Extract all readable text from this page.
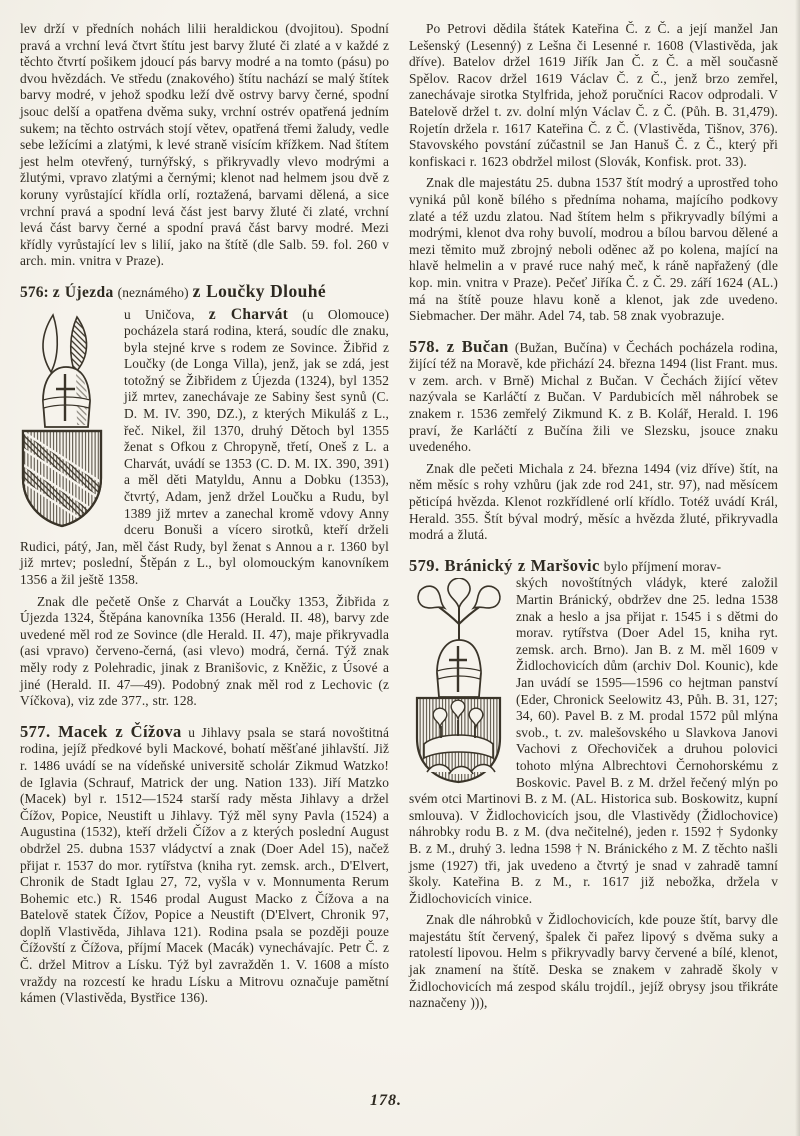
lev drží v předních nohách lilii heraldickou (dvojitou). Spodní pravá a vrchní levá čtvrt štítu jest barvy žluté či zlaté a v každé z těchto čtvrtí pošikem jdoucí pás barvy modré a na tomto (pásu) po dvou hvězdách. Ve středu (znakového) štítu nachází se malý štítek barvy modré, v jehož spodku leží dvě ostrvy barvy černé, spodní jsouc delší a opatřena dvěma suky, vrchní ostrév opatřená jedním sukem; na těchto ostrvách stojí větev, opatřená třemi žaludy, vedle sebe ležícími a zlatými, k levé straně visícím křížkem. Nad štítem jest helm otevřený, turnýřský, s přikryvadly vlevo modrými a žlutými, vpravo zlatými a černými; klenot nad helmem jsou dvě z koruny vyrůstající křídla orlí, roztažená, barvami dělená, a sice vrchní pravá a spodní levá část jest barvy žluté či zlaté, vrchní levá část barvy černé a spodní pravá část barvy modré. Mezi křídly vyrůstající lev s lilií, jako na štítě (dle Salb. 59. fol. 260 v arch. min. vnitra v Praze).

576: z Újezda (neznámého) z Loučky Dlouhé

u Uničova, z Charvát (u Olomouce) pocházela stará rodina, která, soudíc dle znaku, byla stejné krve s rodem ze Sovince. Žibřid z Loučky (de Longa Villa), jenž, jak se zdá, jest totožný se Žibřidem z Újezda (1324), byl 1352 již mrtev, zanechávaje ze Sabiny šest synů (C. D. M. IV. 390, DZ.), z kterých Mikuláš z L., řeč. Nikel, žil 1370, druhý Dětoch byl 1355 ženat s Ofkou z Chropyně, třetí, Oneš z L. a Charvát, uvádí se 1353 (C. D. M. IX. 390, 391) a měl děti Matyldu, Annu a Dobku (1353), čtvrtý, Adam, jenž držel Loučku a Rudu, byl 1389 již mrtev a zanechal kromě vdovy Anny dceru Bonuši a vícero sirotků, kteří drželi Rudici, pátý, Jan, měl část Rudy, byl ženat s Annou a r. 1360 byl již mrtev; poslední, Štěpán z L., byl olomouckým kanovníkem 1356 a žil ještě 1358.

Znak dle pečetě Onše z Charvát a Loučky 1353, Žibřida z Újezda 1324, Štěpána kanovníka 1356 (Herald. II. 48), barvy zde uvedené měl rod ze Sovince (dle Herald. II. 47), maje přikryvadla (asi vpravo) červeno-černá, (asi vlevo) modrá, černá. Týž znak měly rody z Polehradic, jinak z Branišovic, z Kněžic, z Úsové a jiné (Herald. II. 47—49). Podobný znak měl rod z Lechovic (z Víčkova), viz zde 377., str. 128.

577. Macek z Čížova u Jihlavy psala se stará novoštitná rodina, jejíž předkové byli Mackové, bohatí měšťané jihlavští. Již r. 1486 uvádí se na vídeňské universitě scholár Zikmud Watzko! de Iglavia (Schrauf, Matrick der ung. Nation 133). Jiří Matzko (Macek) byl r. 1512—1524 starší rady města Jihlavy a držel Čížov, Popice, Neustift u Jihlavy. Týž měl syny Pavla (1524) a Augustina (1532), kteří drželi Čížov a z kterých poslední August obdržel 25. dubna 1537 vládyctví a znak (Doer Adel 15), načež přijat r. 1537 do mor. rytířstva (kniha ryt. zemsk. arch., D'Elvert, Chronik de Stadt Iglau 27, 72, vyšla v v. Monnumenta Rerum Bohemic etc.) R. 1546 prodal August Macko z Čížova a na Batelově statek Čížov, Popice a Neustift (D'Elvert, Chronik 97, doplň Vlastivěda, Jihlava 121). Rodina psala se později pouze Čížovští z Čížova, příjmí Macek (Macák) vynechávajíc. Petr Č. z Č. držel Mitrov a Lísku. Týž byl zavražděn 1. V. 1608 a místo vraždy na rozcestí ke hradu Lísku a Mitrovu označuje pamětní kámen (Vlastivěda, Bystřice 136).

Po Petrovi dědila štátek Kateřina Č. z Č. a její manžel Jan Lešenský (Lesenný) z Lešna či Lesenné r. 1608 (Vlastivěda, jak dříve). Batelov držel 1619 Jiřík Jan Č. z Č. a měl současně Spělov. Racov držel 1619 Václav Č. z Č., jenž brzo zemřel, zanechávaje sirotka Stylfrida, jehož poručníci Racov odprodali. V Batelově držel t. zv. dolní mlýn Václav Č. z Č. (Půh. B. 31,479). Rojetín držela r. 1617 Kateřina Č. z Č. (Vlastivěda, Tišnov, 376). Stavovského povstání zúčastnil se Jan Hanuš Č. z Č., který při konfiskaci r. 1623 obdržel milost (Slovák, Konfisk. prot. 33).

Znak dle majestátu 25. dubna 1537 štít modrý a uprostřed toho vyniká půl koně bílého s předníma nohama, majícího podkovy zlaté a též uzdu zlatou. Nad štítem helm s přikryvadly bílými a modrými, klenot dva rohy buvolí, modrou a bílou barvou dělené a mezi těmito muž zbrojný neboli oděnec až po kolena, mající na hlavě helmelin a v pravé ruce nahý meč, k ráně napřažený (dle kop. min. vnitra v Praze). Pečeť Jiříka Č. z Č. 29. září 1624 (AL.) má na štítě pouze hlavu koně a klenot, jak zde uvedeno. Siebmacher. Der mähr. Adel 74, tab. 58 znak vyobrazuje.

578. z Bučan (Bužan, Bučína) v Čechách pocházela rodina, žijící též na Moravě, kde přichází 24. března 1494 (list Frant. mus. v zem. arch. v Brně) Michal z Bučan. V Čechách žijící větev nazývala se Karláčtí z Bučan. V Pardubicích měl náhrobek se znakem r. 1536 zemřelý Zikmund K. z B. Kolář, Herald. I. 196 praví, že Karláčtí z Bučína žili ve Slezsku, jsouce znaku uvedeného.

Znak dle pečeti Michala z 24. března 1494 (viz dříve) štít, na něm měsíc s rohy vzhůru (jak zde rod 241, str. 97), nad měsícem pěticípá hvězda. Klenot rozkřídlené orlí křídlo. Totéž uvádí Král, Herald. 355. Štít býval modrý, měsíc a hvězda žluté, přikryvadla modrá a žlutá.

579. Bránický z Maršovic bylo příjmení morav-

ských novoštítných vládyk, které založil Martin Bránický, obdržev dne 25. ledna 1538 znak a heslo a jsa přijat r. 1545 i s dětmi do morav. rytířstva (Doer Adel 15, kniha ryt. zemsk. arch. Brno). Jan B. z M. měl 1609 v Židlochovicích dům (archiv Dol. Kounic), kde Jan uvádí se 1595—1596 co hejtman panství (Eder, Chronick Seelowitz 43, Půh. B. 31, 127; 34, 60). Pavel B. z M. prodal 1572 půl mlýna svob., t. zv. malešovského u Slavkova Janovi Vachovi z Ořechoviček a druhou polovici tohoto mlýna Albrechtovi Černohorskému z Boskovic. Pavel B. z M. držel řečený mlýn po svém otci Martinovi B. z M. (AL. Historica sub. Boskowitz, kupní smlouva). V Židlochovicích jsou, dle Vlastivědy (Židlochovice) náhrobky rodu B. z M. (dva nečitelné), jeden r. 1592 † Sydonky B. z M., druhý 3. ledna 1598 † N. Bránického z M. Z těchto našli jsme (1927) tři, jak uvedeno a čtvrtý je snad v zahradě tamní školy. Kateřina B. z M., r. 1617 již nebožka, držela v Židlochovicích vinice.

Znak dle náhrobků v Židlochovicích, kde pouze štít, barvy dle majestátu štít červený, špalek či pařez lipový s dvěma suky a ratolestí lipovou. Helm s přikryvadly barvy červené a bílé, klenot, jak znamení na štítě. Deska se znakem v zahradě školy v Židlochovicích má zespod skálu trojdíl., jejíž obrysy jsou třikráte naznačeny ))),

178.
